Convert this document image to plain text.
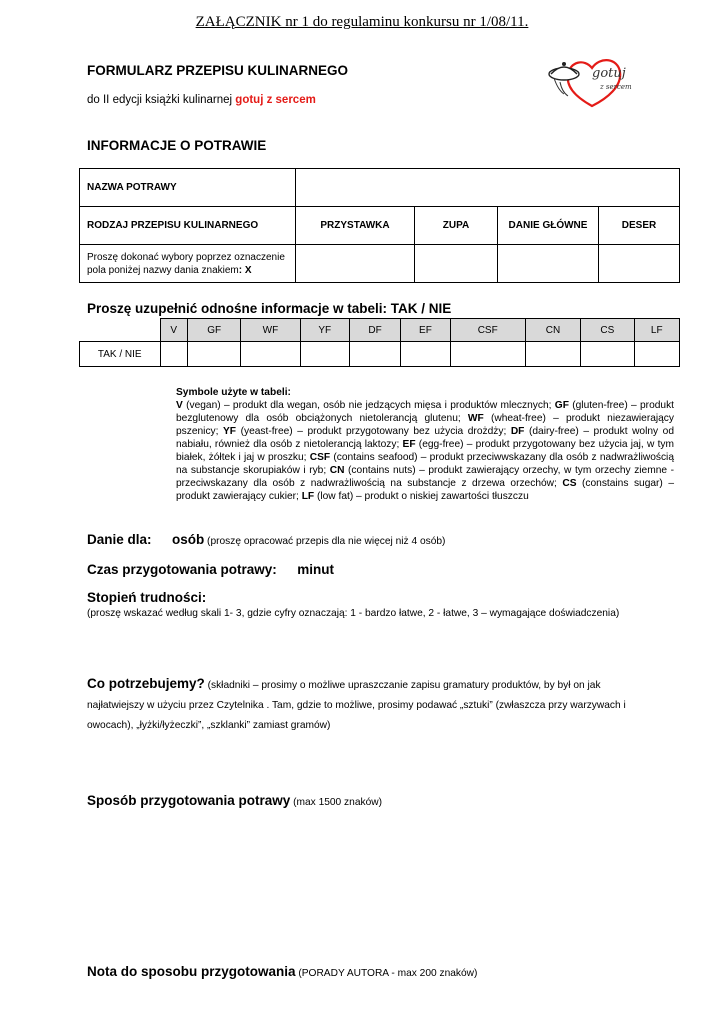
ZAŁĄCZNIK nr 1 do regulaminu konkursu nr 1/08/11.
FORMULARZ PRZEPISU KULINARNEGO
do II edycji książki kulinarnej gotuj z sercem
gotuj
z sercem
INFORMACJE O POTRAWIE
NAZWA POTRAWY				
RODZAJ PRZEPISU KULINARNEGO	PRZYSTAWKA	ZUPA	DANIE GŁÓWNE	DESER
Proszę dokonać wybory poprzez oznaczenie pola poniżej nazwy dania znakiem: X				
Proszę uzupełnić odnośne informacje w tabeli: TAK / NIE
	V	GF	WF	YF	DF	EF	CSF	CN	CS	LF
TAK / NIE										
Symbole użyte w tabeli:
V (vegan) – produkt dla wegan, osób nie jedzących mięsa i produktów mlecznych; GF (gluten-free) – produkt bezglutenowy dla osób obciążonych nietolerancją glutenu; WF (wheat-free) – produkt niezawierający pszenicy; YF (yeast-free) – produkt przygotowany bez użycia drożdży; DF (dairy-free) – produkt wolny od nabiału, również dla osób z nietolerancją laktozy; EF (egg-free) – produkt przygotowany bez użycia jaj, w tym białek, żółtek i jaj w proszku; CSF (contains seafood) – produkt przeciwwskazany dla osób z nadwrażliwością na substancje skorupiaków i ryb; CN (contains nuts) – produkt zawierający orzechy, w tym orzechy ziemne - przeciwskazany dla osób z nadwrażliwością na substancje z drzewa orzechów; CS (constains sugar) – produkt zawierający cukier; LF (low fat) – produkt o niskiej zawartości tłuszczu
Danie dla: osób (proszę opracować przepis dla nie więcej niż 4 osób)
Czas przygotowania potrawy: minut
Stopień trudności:
(proszę wskazać według skali 1- 3, gdzie cyfry oznaczają: 1 - bardzo łatwe, 2 - łatwe, 3 – wymagające doświadczenia)
Co potrzebujemy? (składniki – prosimy o możliwe upraszczanie zapisu gramatury produktów, by był on jak najłatwiejszy w użyciu przez Czytelnika . Tam, gdzie to możliwe, prosimy podawać „sztuki” (zwłaszcza przy warzywach i owocach), „łyżki/łyżeczki”, „szklanki” zamiast gramów)
Sposób przygotowania potrawy (max 1500 znaków)
Nota do sposobu przygotowania (PORADY AUTORA - max 200 znaków)
